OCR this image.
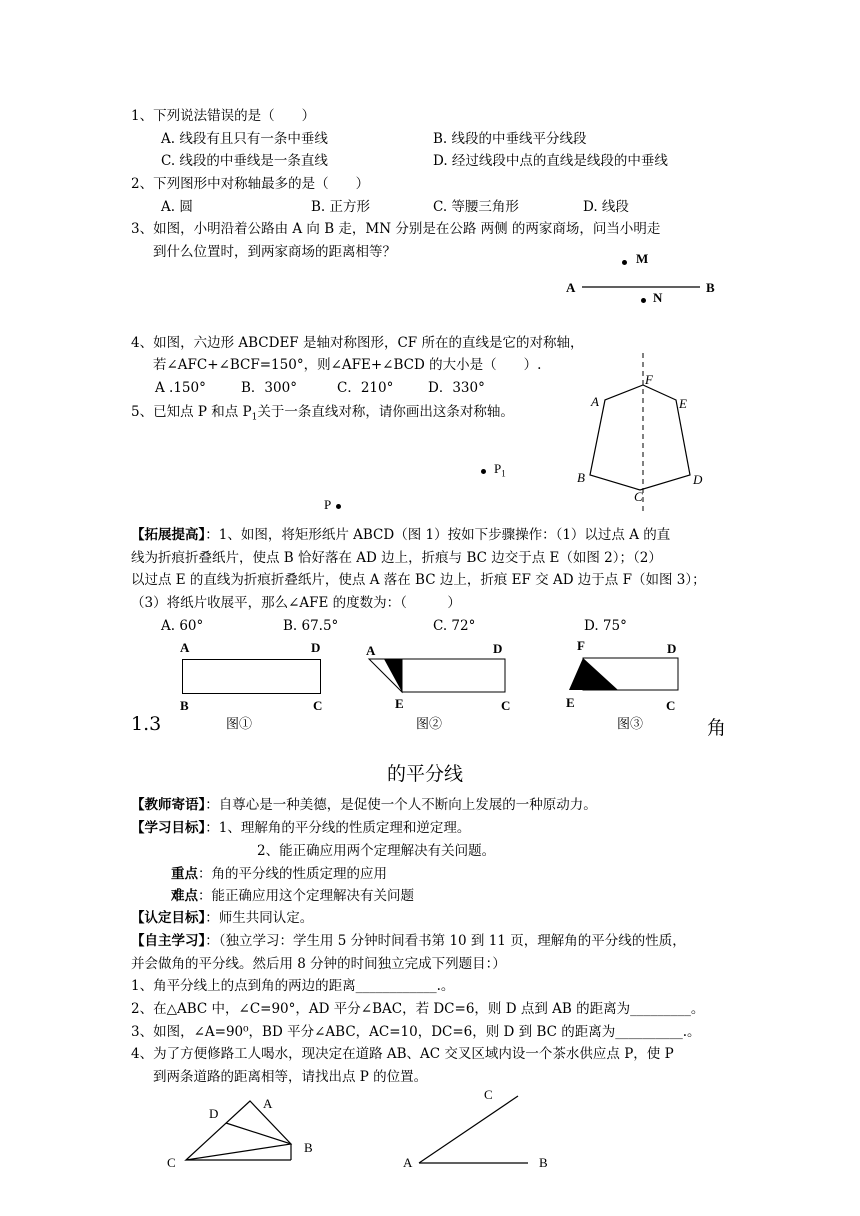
1、下列说法错误的是（　　）
A. 线段有且只有一条中垂线	B. 线段的中垂线平分线段
C. 线段的中垂线是一条直线	D. 经过线段中点的直线是线段的中垂线
2、下列图形中对称轴最多的是（　　）
A. 圆	B. 正方形	C. 等腰三角形	D. 线段
3、如图，小明沿着公路由 A 向 B 走，MN 分别是在公路 两侧 的两家商场，问当小明走
到什么位置时，到两家商场的距离相等？	M
A	B
N
4、如图，六边形 ABCDEF 是轴对称图形，CF 所在的直线是它的对称轴，
若∠AFC+∠BCF=150°，则∠AFE+∠BCD 的大小是（　　）.
A .150°	B．300°	C．210°	D．330°
F
A	E
B	D
C
5、已知点 P 和点 $P_1$关于一条直线对称，请你画出这条对称轴。
$P_1$
P
【拓展提高】：1、如图，将矩形纸片 ABCD（图 1）按如下步骤操作：（1）以过点 A 的直
线为折痕折叠纸片，使点 B 恰好落在 AD 边上，折痕与 BC 边交于点 E（如图 2）；（2）
以过点 E 的直线为折痕折叠纸片，使点 A 落在 BC 边上，折痕 EF 交 AD 边于点 F（如图 3）；
（3）将纸片收展平，那么∠AFE 的度数为：（　　　）
A. 60°	B. 67.5°	C. 72°	D. 75°
A	D
B	C
图①
A	D
E	C
图②
F	D
E	C
图③
1.3	角
的平分线
【教师寄语】：自尊心是一种美德，是促使一个人不断向上发展的一种原动力。
【学习目标】：1、理解角的平分线的性质定理和逆定理。
2、能正确应用两个定理解决有关问题。
重点：角的平分线的性质定理的应用
难点：能正确应用这个定理解决有关问题
【认定目标】：师生共同认定。
【自主学习】：（独立学习：学生用 5 分钟时间看书第 10 到 11 页，理解角的平分线的性质，
并会做角的平分线。然后用 8 分钟的时间独立完成下列题目：）
1、角平分线上的点到角的两边的距离____________.。
2、在△ABC 中，∠C=90°，AD 平分∠BAC，若 DC=6，则 D 点到 AB 的距离为_________。
3、如图，∠A=90⁰，BD 平分∠ABC，AC=10，DC=6，则 D 到 BC 的距离为__________.。
4、为了方便修路工人喝水，现决定在道路 AB、AC 交叉区域内设一个茶水供应点 P，使 P
到两条道路的距离相等，请找出点 P 的位置。
A
D
B
C
C
A	B
